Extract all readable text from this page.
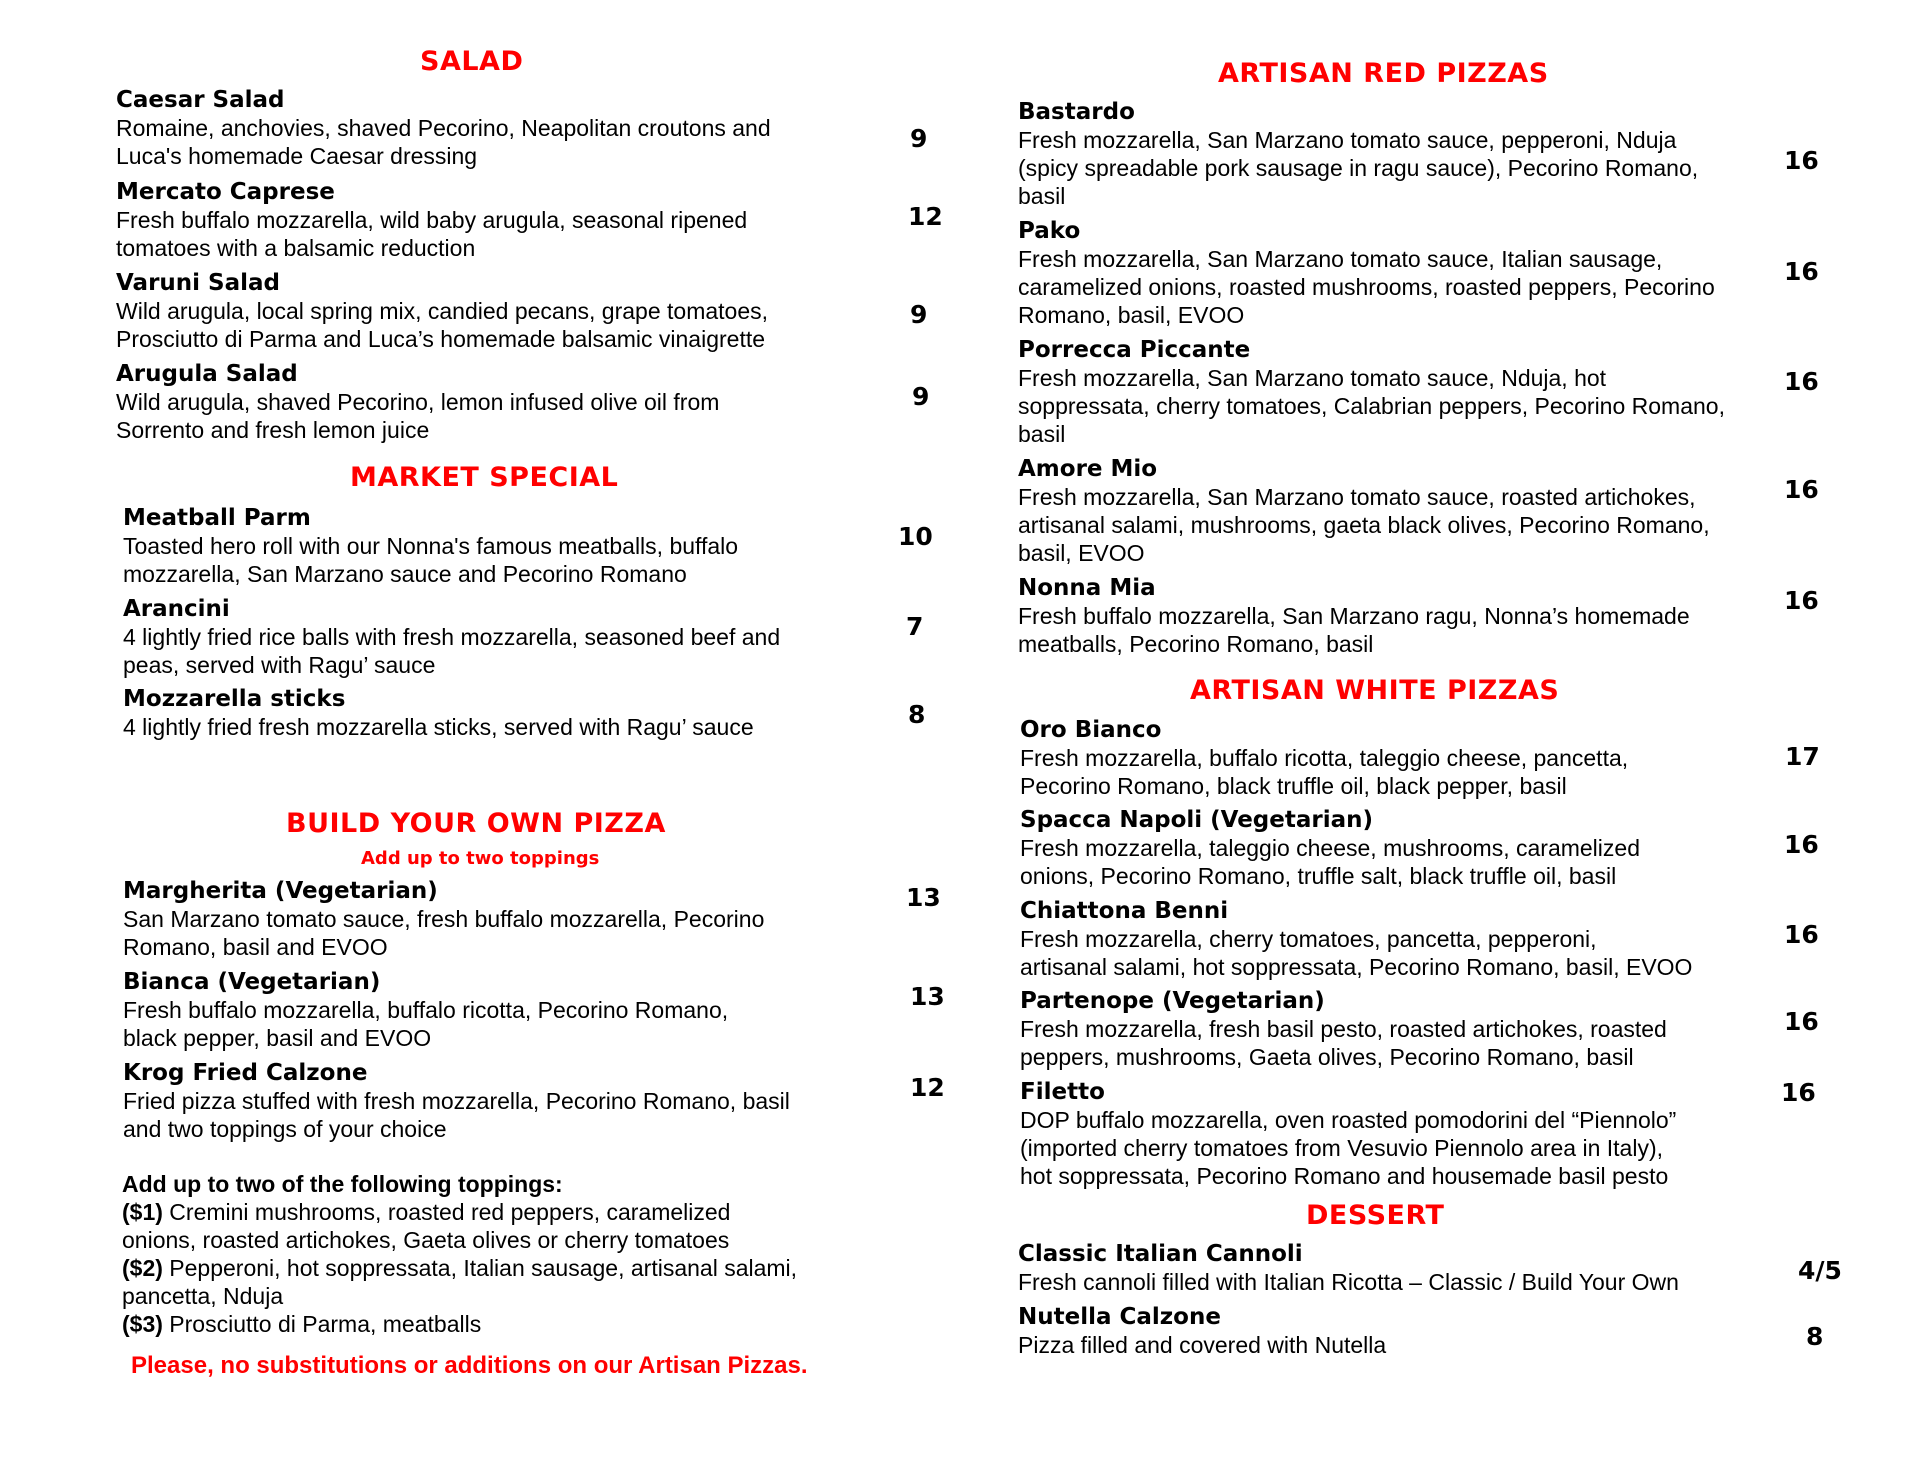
SALAD
Caesar Salad
Romaine, anchovies, shaved Pecorino, Neapolitan croutons and
Luca's homemade Caesar dressing
9
Mercato Caprese
Fresh buffalo mozzarella, wild baby arugula, seasonal ripened
tomatoes with a balsamic reduction
12
Varuni Salad
Wild arugula, local spring mix, candied pecans, grape tomatoes,
Prosciutto di Parma and Luca’s homemade balsamic vinaigrette
9
Arugula Salad
Wild arugula, shaved Pecorino, lemon infused olive oil from
Sorrento and fresh lemon juice
9
MARKET SPECIAL
Meatball Parm
Toasted hero roll with our Nonna's famous meatballs, buffalo
mozzarella, San Marzano sauce and Pecorino Romano
10
Arancini
4 lightly fried rice balls with fresh mozzarella, seasoned beef and
peas, served with Ragu’ sauce
7
Mozzarella sticks
4 lightly fried fresh mozzarella sticks, served with Ragu’ sauce	8
BUILD YOUR OWN PIZZA
Add up to two toppings
Margherita (Vegetarian)
San Marzano tomato sauce, fresh buffalo mozzarella, Pecorino
Romano, basil and EVOO
13
Bianca (Vegetarian)
Fresh buffalo mozzarella, buffalo ricotta, Pecorino Romano,
black pepper, basil and EVOO
13
Krog Fried Calzone
Fried pizza stuffed with fresh mozzarella, Pecorino Romano, basil
and two toppings of your choice
12
Add up to two of the following toppings:
($1) Cremini mushrooms, roasted red peppers, caramelized
onions, roasted artichokes, Gaeta olives or cherry tomatoes
($2) Pepperoni, hot soppressata, Italian sausage, artisanal salami,
pancetta, Nduja
($3) Prosciutto di Parma, meatballs
Please, no substitutions or additions on our Artisan Pizzas.
ARTISAN RED PIZZAS
Bastardo
Fresh mozzarella, San Marzano tomato sauce, pepperoni, Nduja
(spicy spreadable pork sausage in ragu sauce), Pecorino Romano,
basil
16
Pako
Fresh mozzarella, San Marzano tomato sauce, Italian sausage,
caramelized onions, roasted mushrooms, roasted peppers, Pecorino
Romano, basil, EVOO
16
Porrecca Piccante
Fresh mozzarella, San Marzano tomato sauce, Nduja, hot
soppressata, cherry tomatoes, Calabrian peppers, Pecorino Romano,
basil
16
Amore Mio
Fresh mozzarella, San Marzano tomato sauce, roasted artichokes,
artisanal salami, mushrooms, gaeta black olives, Pecorino Romano,
basil, EVOO
16
Nonna Mia
Fresh buffalo mozzarella, San Marzano ragu, Nonna’s homemade
meatballs, Pecorino Romano, basil
16
ARTISAN WHITE PIZZAS
Oro Bianco
Fresh mozzarella, buffalo ricotta, taleggio cheese, pancetta,
Pecorino Romano, black truffle oil, black pepper, basil
17
Spacca Napoli (Vegetarian)
Fresh mozzarella, taleggio cheese, mushrooms, caramelized
onions, Pecorino Romano, truffle salt, black truffle oil, basil
16
Chiattona Benni
Fresh mozzarella, cherry tomatoes, pancetta, pepperoni,
artisanal salami, hot soppressata, Pecorino Romano, basil, EVOO
16
Partenope (Vegetarian)
Fresh mozzarella, fresh basil pesto, roasted artichokes, roasted
peppers, mushrooms, Gaeta olives, Pecorino Romano, basil
16
Filetto
DOP buffalo mozzarella, oven roasted pomodorini del “Piennolo”
(imported cherry tomatoes from Vesuvio Piennolo area in Italy),
hot soppressata, Pecorino Romano and housemade basil pesto
16
DESSERT
Classic Italian Cannoli
Fresh cannoli filled with Italian Ricotta – Classic / Build Your Own	4/5
Nutella Calzone
Pizza filled and covered with Nutella	8
